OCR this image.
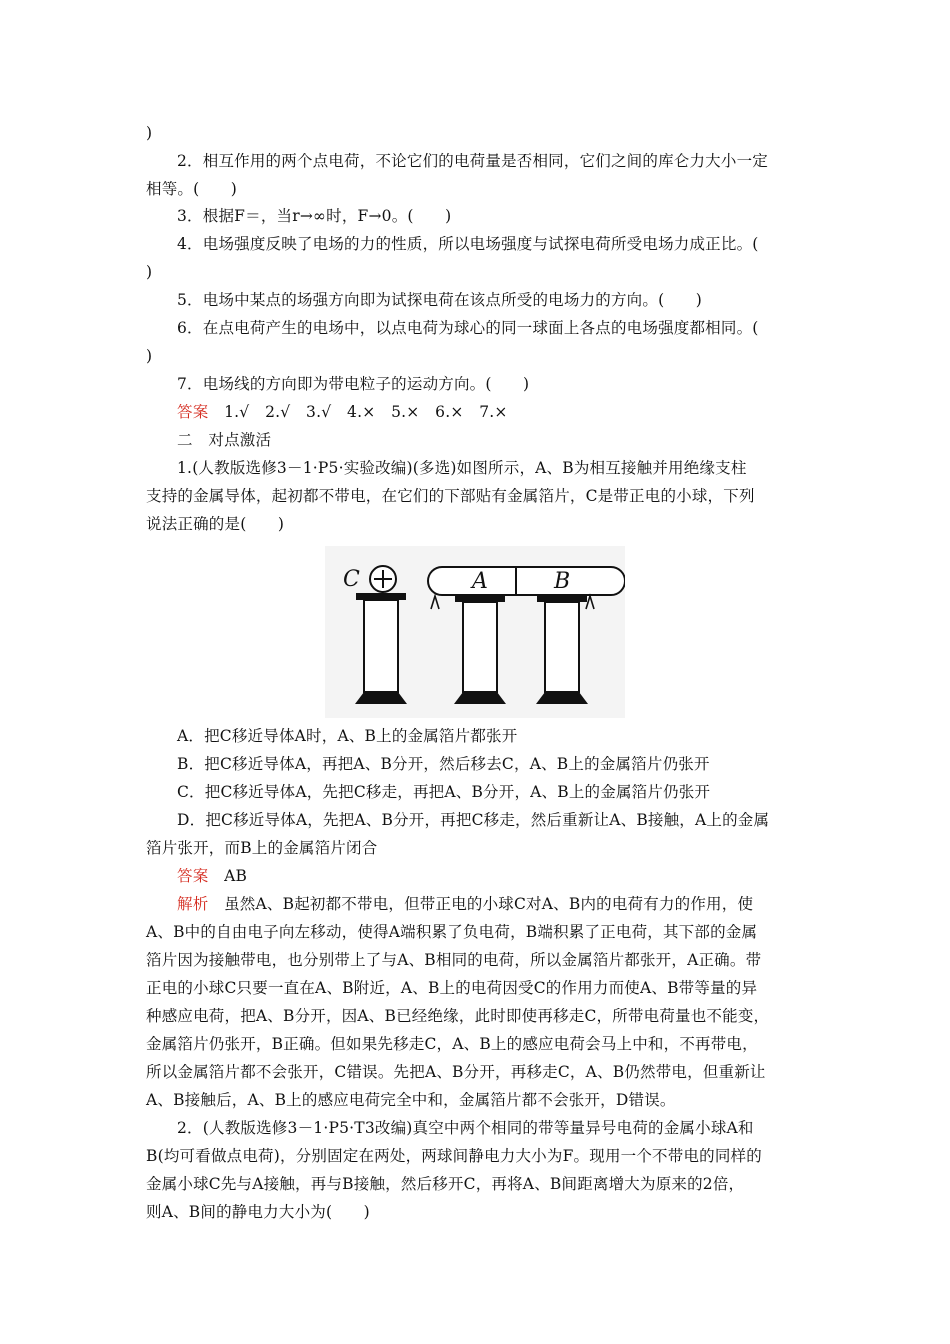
)
2．相互作用的两个点电荷，不论它们的电荷量是否相同，它们之间的库仑力大小一定
相等。(　　)
3．根据F＝，当r→∞时，F→0。(　　)
4．电场强度反映了电场的力的性质，所以电场强度与试探电荷所受电场力成正比。(
)
5．电场中某点的场强方向即为试探电荷在该点所受的电场力的方向。(　　)
6．在点电荷产生的电场中，以点电荷为球心的同一球面上各点的电场强度都相同。(
)
7．电场线的方向即为带电粒子的运动方向。(　　)
答案　 1.√　2.√　3.√　4.×　5.×　6.×　7.×
二　对点激活
1.(人教版选修3－1·P5·实验改编)(多选)如图所示，A、B为相互接触并用绝缘支柱
支持的金属导体，起初都不带电，在它们的下部贴有金属箔片，C是带正电的小球，下列
说法正确的是(　　)
C	A	B
A．把C移近导体A时，A、B上的金属箔片都张开
B．把C移近导体A，再把A、B分开，然后移去C，A、B上的金属箔片仍张开
C．把C移近导体A，先把C移走，再把A、B分开，A、B上的金属箔片仍张开
D．把C移近导体A，先把A、B分开，再把C移走，然后重新让A、B接触，A上的金属
箔片张开，而B上的金属箔片闭合
答案　 AB
解析　 虽然A、B起初都不带电，但带正电的小球C对A、B内的电荷有力的作用，使
A、B中的自由电子向左移动，使得A端积累了负电荷，B端积累了正电荷，其下部的金属
箔片因为接触带电，也分别带上了与A、B相同的电荷，所以金属箔片都张开，A正确。带
正电的小球C只要一直在A、B附近，A、B上的电荷因受C的作用力而使A、B带等量的异
种感应电荷，把A、B分开，因A、B已经绝缘，此时即使再移走C，所带电荷量也不能变，
金属箔片仍张开，B正确。但如果先移走C，A、B上的感应电荷会马上中和，不再带电，
所以金属箔片都不会张开，C错误。先把A、B分开，再移走C，A、B仍然带电，但重新让
A、B接触后，A、B上的感应电荷完全中和，金属箔片都不会张开，D错误。
2．(人教版选修3－1·P5·T3改编)真空中两个相同的带等量异号电荷的金属小球A和
B(均可看做点电荷)，分别固定在两处，两球间静电力大小为F。现用一个不带电的同样的
金属小球C先与A接触，再与B接触，然后移开C，再将A、B间距离增大为原来的2倍，
则A、B间的静电力大小为(　　)
